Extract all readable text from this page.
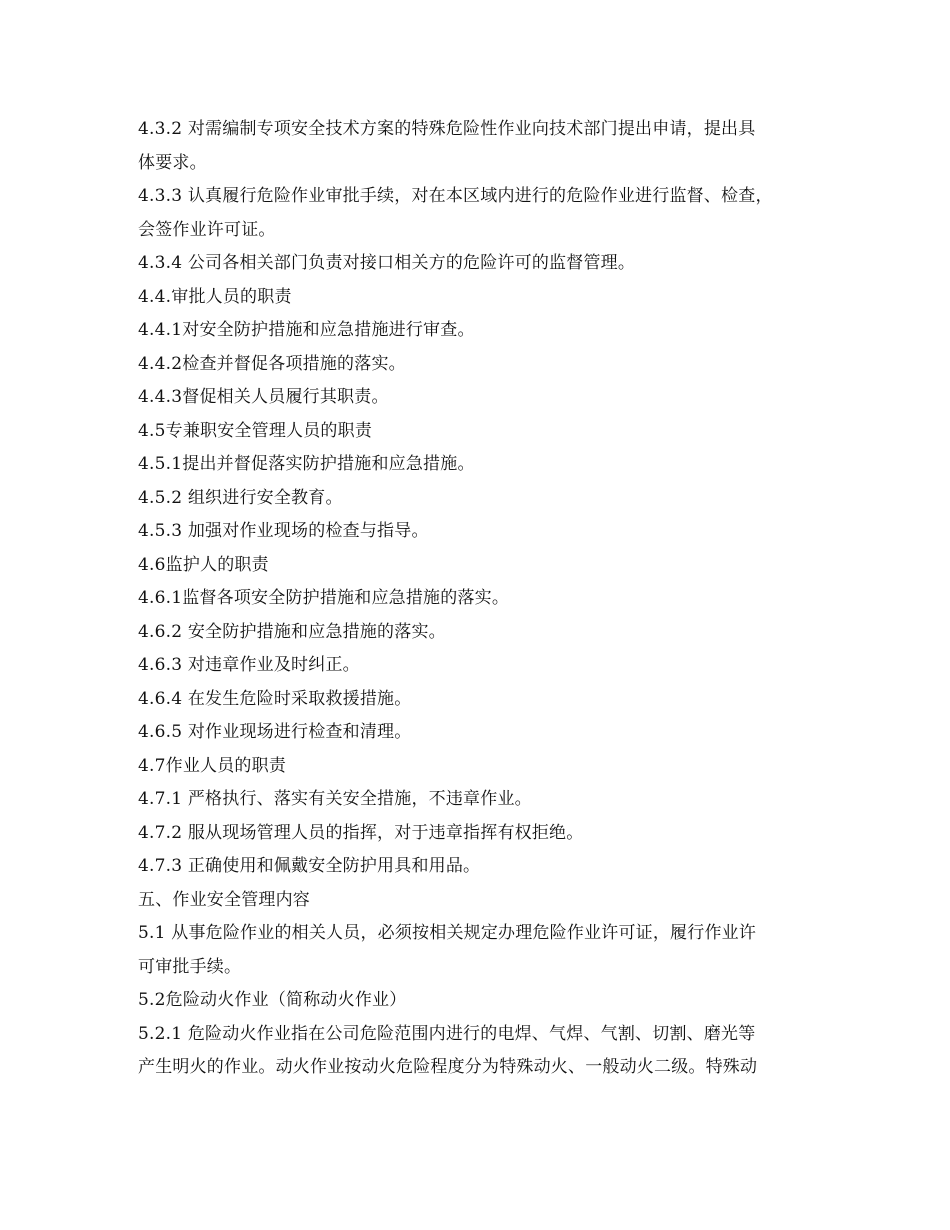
4.3.2 对需编制专项安全技术方案的特殊危险性作业向技术部门提出申请，提出具
体要求。
4.3.3 认真履行危险作业审批手续，对在本区域内进行的危险作业进行监督、检查，
会签作业许可证。
4.3.4 公司各相关部门负责对接口相关方的危险许可的监督管理。
4.4.审批人员的职责
4.4.1对安全防护措施和应急措施进行审查。
4.4.2检查并督促各项措施的落实。
4.4.3督促相关人员履行其职责。
4.5专兼职安全管理人员的职责
4.5.1提出并督促落实防护措施和应急措施。
4.5.2 组织进行安全教育。
4.5.3 加强对作业现场的检查与指导。
4.6监护人的职责
4.6.1监督各项安全防护措施和应急措施的落实。
4.6.2 安全防护措施和应急措施的落实。
4.6.3 对违章作业及时纠正。
4.6.4 在发生危险时采取救援措施。
4.6.5 对作业现场进行检查和清理。
4.7作业人员的职责
4.7.1 严格执行、落实有关安全措施，不违章作业。
4.7.2 服从现场管理人员的指挥，对于违章指挥有权拒绝。
4.7.3 正确使用和佩戴安全防护用具和用品。
五、作业安全管理内容
5.1 从事危险作业的相关人员，必须按相关规定办理危险作业许可证，履行作业许
可审批手续。
5.2危险动火作业（简称动火作业）
5.2.1 危险动火作业指在公司危险范围内进行的电焊、气焊、气割、切割、磨光等
产生明火的作业。动火作业按动火危险程度分为特殊动火、一般动火二级。特殊动
